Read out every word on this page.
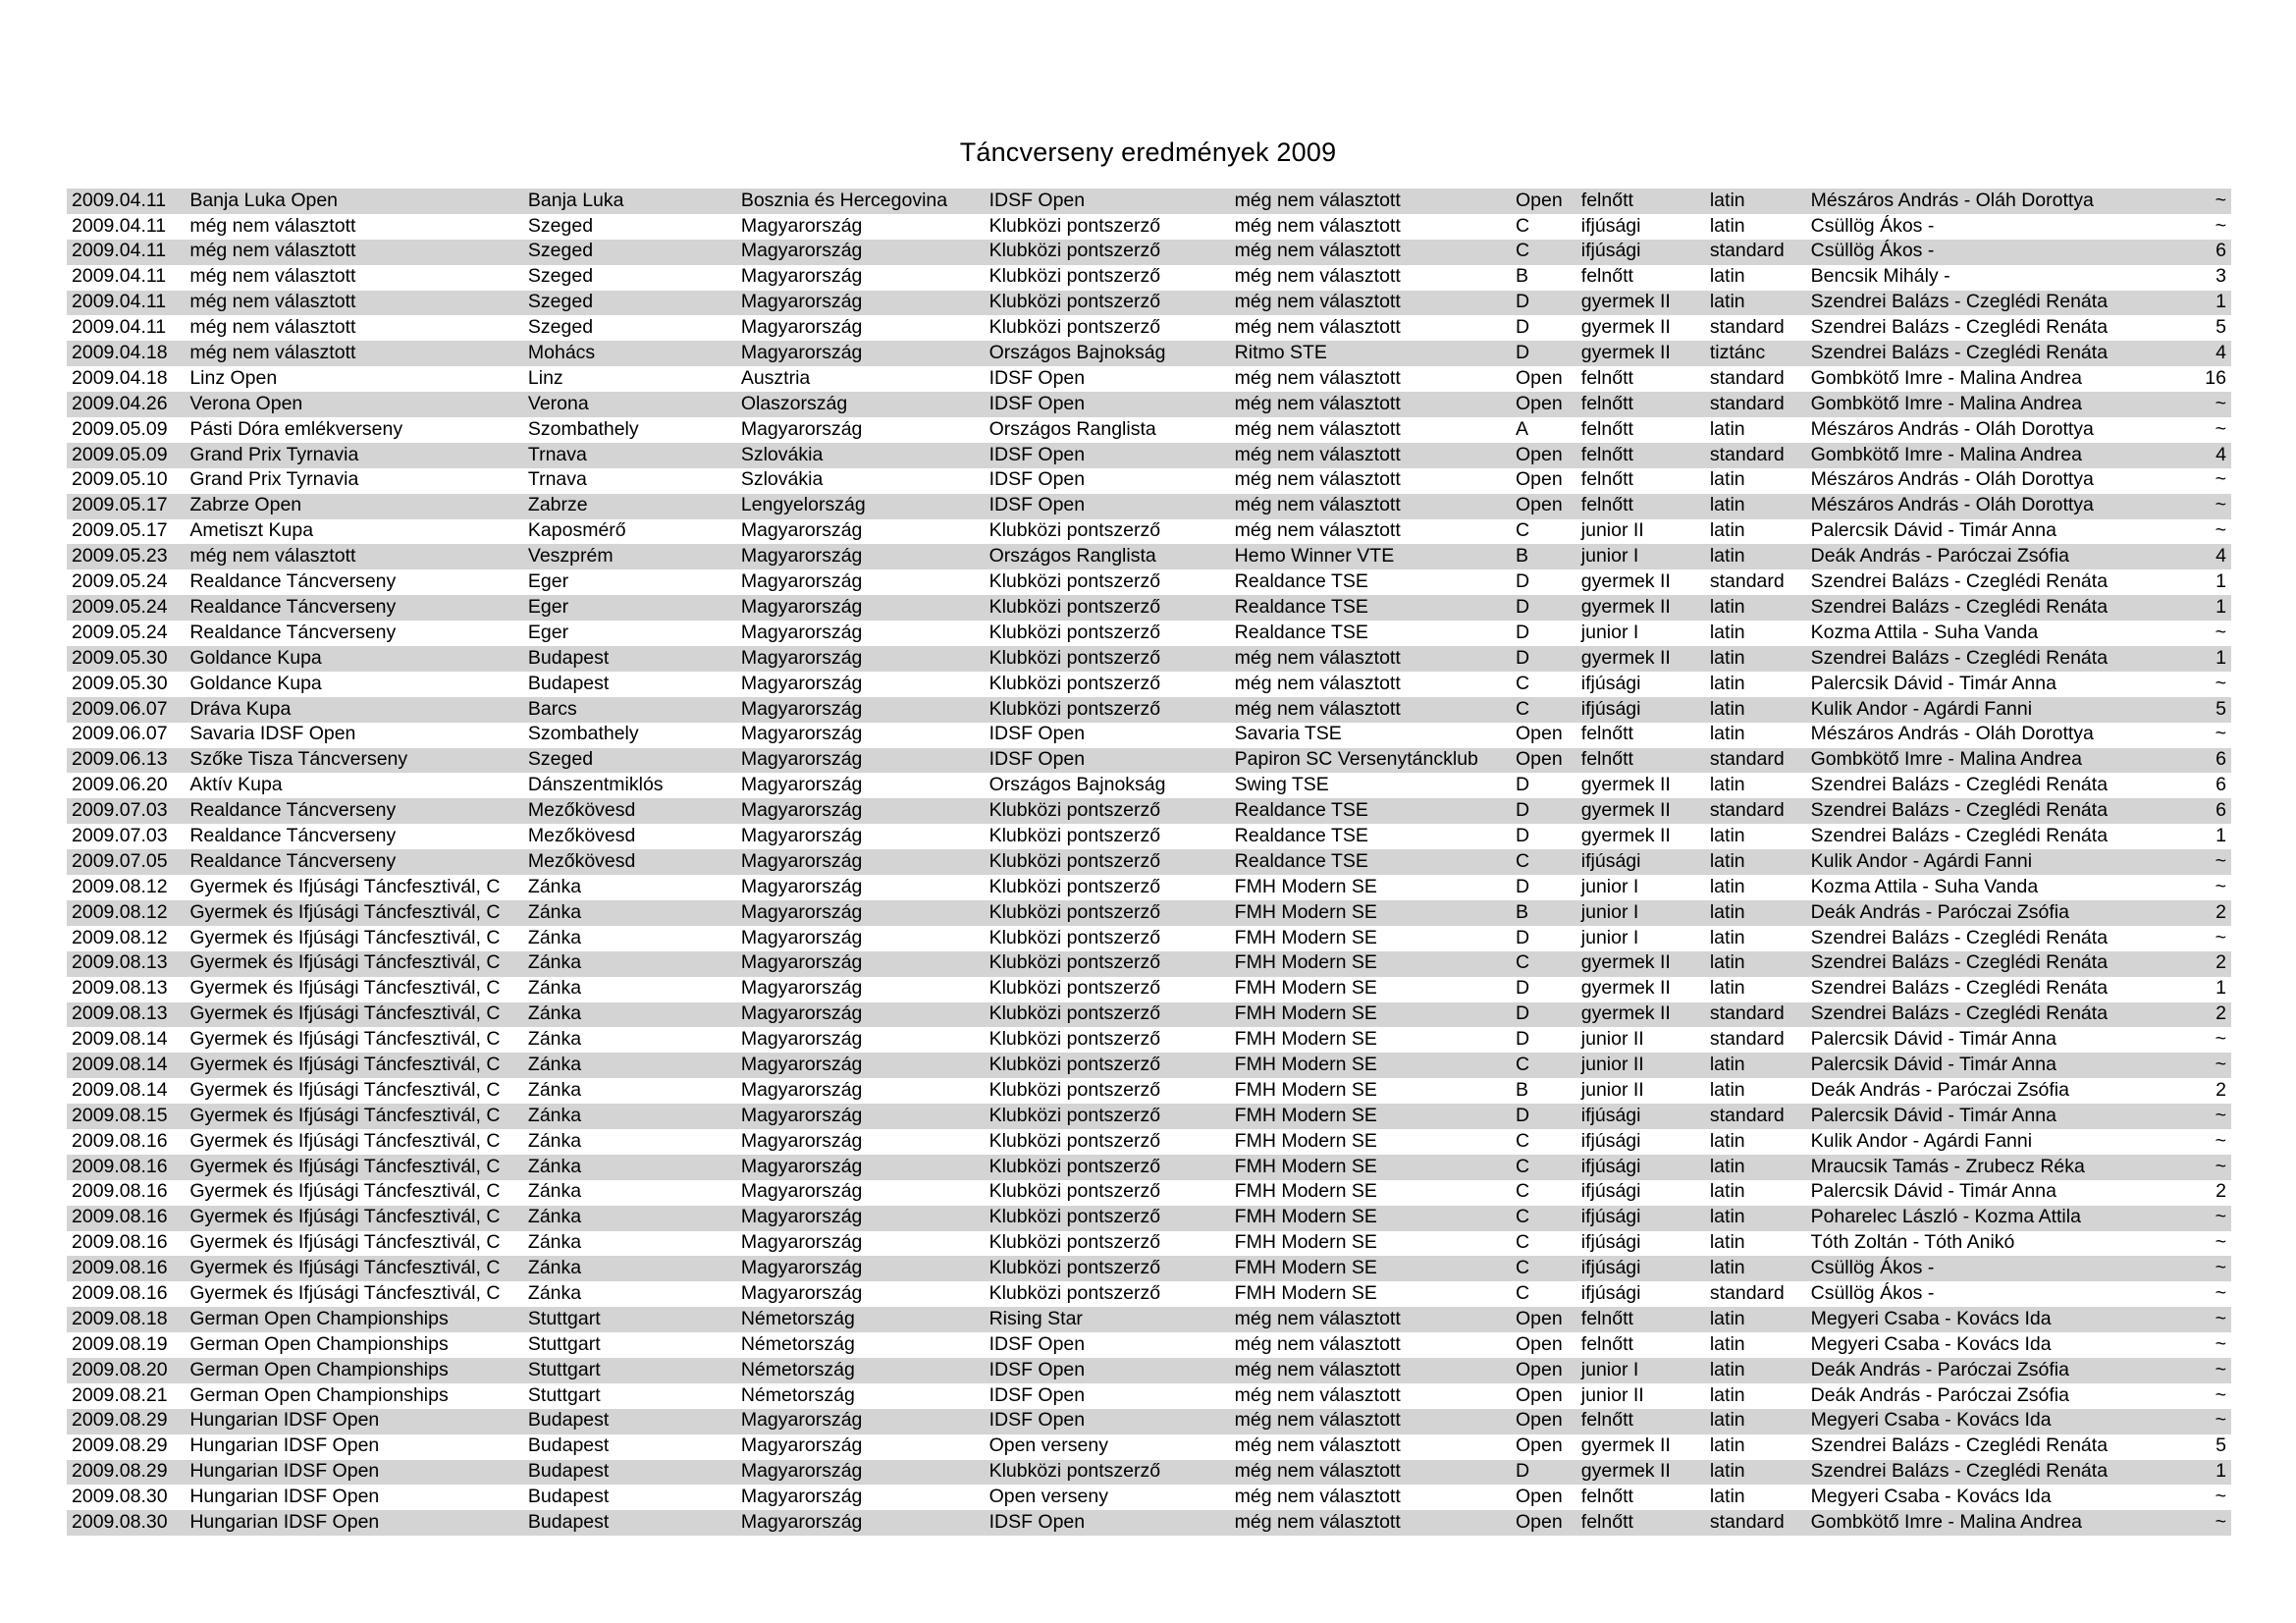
Táncverseny eredmények 2009
2009.04.11	Banja Luka Open	Banja Luka	Bosznia és Hercegovina	IDSF Open	még nem választott	Open	felnőtt	latin	Mészáros András - Oláh Dorottya	~
2009.04.11	még nem választott	Szeged	Magyarország	Klubközi pontszerző	még nem választott	C	ifjúsági	latin	Csüllög Ákos -	~
2009.04.11	még nem választott	Szeged	Magyarország	Klubközi pontszerző	még nem választott	C	ifjúsági	standard	Csüllög Ákos -	6
2009.04.11	még nem választott	Szeged	Magyarország	Klubközi pontszerző	még nem választott	B	felnőtt	latin	Bencsik Mihály -	3
2009.04.11	még nem választott	Szeged	Magyarország	Klubközi pontszerző	még nem választott	D	gyermek II	latin	Szendrei Balázs - Czeglédi Renáta	1
2009.04.11	még nem választott	Szeged	Magyarország	Klubközi pontszerző	még nem választott	D	gyermek II	standard	Szendrei Balázs - Czeglédi Renáta	5
2009.04.18	még nem választott	Mohács	Magyarország	Országos Bajnokság	Ritmo STE	D	gyermek II	tiztánc	Szendrei Balázs - Czeglédi Renáta	4
2009.04.18	Linz Open	Linz	Ausztria	IDSF Open	még nem választott	Open	felnőtt	standard	Gombkötő Imre - Malina Andrea	16
2009.04.26	Verona Open	Verona	Olaszország	IDSF Open	még nem választott	Open	felnőtt	standard	Gombkötő Imre - Malina Andrea	~
2009.05.09	Pásti Dóra emlékverseny	Szombathely	Magyarország	Országos Ranglista	még nem választott	A	felnőtt	latin	Mészáros András - Oláh Dorottya	~
2009.05.09	Grand Prix Tyrnavia	Trnava	Szlovákia	IDSF Open	még nem választott	Open	felnőtt	standard	Gombkötő Imre - Malina Andrea	4
2009.05.10	Grand Prix Tyrnavia	Trnava	Szlovákia	IDSF Open	még nem választott	Open	felnőtt	latin	Mészáros András - Oláh Dorottya	~
2009.05.17	Zabrze Open	Zabrze	Lengyelország	IDSF Open	még nem választott	Open	felnőtt	latin	Mészáros András - Oláh Dorottya	~
2009.05.17	Ametiszt Kupa	Kaposmérő	Magyarország	Klubközi pontszerző	még nem választott	C	junior II	latin	Palercsik Dávid - Timár Anna	~
2009.05.23	még nem választott	Veszprém	Magyarország	Országos Ranglista	Hemo Winner VTE	B	junior I	latin	Deák András - Paróczai Zsófia	4
2009.05.24	Realdance Táncverseny	Eger	Magyarország	Klubközi pontszerző	Realdance TSE	D	gyermek II	standard	Szendrei Balázs - Czeglédi Renáta	1
2009.05.24	Realdance Táncverseny	Eger	Magyarország	Klubközi pontszerző	Realdance TSE	D	gyermek II	latin	Szendrei Balázs - Czeglédi Renáta	1
2009.05.24	Realdance Táncverseny	Eger	Magyarország	Klubközi pontszerző	Realdance TSE	D	junior I	latin	Kozma Attila - Suha Vanda	~
2009.05.30	Goldance Kupa	Budapest	Magyarország	Klubközi pontszerző	még nem választott	D	gyermek II	latin	Szendrei Balázs - Czeglédi Renáta	1
2009.05.30	Goldance Kupa	Budapest	Magyarország	Klubközi pontszerző	még nem választott	C	ifjúsági	latin	Palercsik Dávid - Timár Anna	~
2009.06.07	Dráva Kupa	Barcs	Magyarország	Klubközi pontszerző	még nem választott	C	ifjúsági	latin	Kulik Andor - Agárdi Fanni	5
2009.06.07	Savaria IDSF Open	Szombathely	Magyarország	IDSF Open	Savaria TSE	Open	felnőtt	latin	Mészáros András - Oláh Dorottya	~
2009.06.13	Szőke Tisza Táncverseny	Szeged	Magyarország	IDSF Open	Papiron SC Versenytáncklub	Open	felnőtt	standard	Gombkötő Imre - Malina Andrea	6
2009.06.20	Aktív Kupa	Dánszentmiklós	Magyarország	Országos Bajnokság	Swing TSE	D	gyermek II	latin	Szendrei Balázs - Czeglédi Renáta	6
2009.07.03	Realdance Táncverseny	Mezőkövesd	Magyarország	Klubközi pontszerző	Realdance TSE	D	gyermek II	standard	Szendrei Balázs - Czeglédi Renáta	6
2009.07.03	Realdance Táncverseny	Mezőkövesd	Magyarország	Klubközi pontszerző	Realdance TSE	D	gyermek II	latin	Szendrei Balázs - Czeglédi Renáta	1
2009.07.05	Realdance Táncverseny	Mezőkövesd	Magyarország	Klubközi pontszerző	Realdance TSE	C	ifjúsági	latin	Kulik Andor - Agárdi Fanni	~
2009.08.12	Gyermek és Ifjúsági Táncfesztivál, C	Zánka	Magyarország	Klubközi pontszerző	FMH Modern SE	D	junior I	latin	Kozma Attila - Suha Vanda	~
2009.08.12	Gyermek és Ifjúsági Táncfesztivál, C	Zánka	Magyarország	Klubközi pontszerző	FMH Modern SE	B	junior I	latin	Deák András - Paróczai Zsófia	2
2009.08.12	Gyermek és Ifjúsági Táncfesztivál, C	Zánka	Magyarország	Klubközi pontszerző	FMH Modern SE	D	junior I	latin	Szendrei Balázs - Czeglédi Renáta	~
2009.08.13	Gyermek és Ifjúsági Táncfesztivál, C	Zánka	Magyarország	Klubközi pontszerző	FMH Modern SE	C	gyermek II	latin	Szendrei Balázs - Czeglédi Renáta	2
2009.08.13	Gyermek és Ifjúsági Táncfesztivál, C	Zánka	Magyarország	Klubközi pontszerző	FMH Modern SE	D	gyermek II	latin	Szendrei Balázs - Czeglédi Renáta	1
2009.08.13	Gyermek és Ifjúsági Táncfesztivál, C	Zánka	Magyarország	Klubközi pontszerző	FMH Modern SE	D	gyermek II	standard	Szendrei Balázs - Czeglédi Renáta	2
2009.08.14	Gyermek és Ifjúsági Táncfesztivál, C	Zánka	Magyarország	Klubközi pontszerző	FMH Modern SE	D	junior II	standard	Palercsik Dávid - Timár Anna	~
2009.08.14	Gyermek és Ifjúsági Táncfesztivál, C	Zánka	Magyarország	Klubközi pontszerző	FMH Modern SE	C	junior II	latin	Palercsik Dávid - Timár Anna	~
2009.08.14	Gyermek és Ifjúsági Táncfesztivál, C	Zánka	Magyarország	Klubközi pontszerző	FMH Modern SE	B	junior II	latin	Deák András - Paróczai Zsófia	2
2009.08.15	Gyermek és Ifjúsági Táncfesztivál, C	Zánka	Magyarország	Klubközi pontszerző	FMH Modern SE	D	ifjúsági	standard	Palercsik Dávid - Timár Anna	~
2009.08.16	Gyermek és Ifjúsági Táncfesztivál, C	Zánka	Magyarország	Klubközi pontszerző	FMH Modern SE	C	ifjúsági	latin	Kulik Andor - Agárdi Fanni	~
2009.08.16	Gyermek és Ifjúsági Táncfesztivál, C	Zánka	Magyarország	Klubközi pontszerző	FMH Modern SE	C	ifjúsági	latin	Mraucsik Tamás - Zrubecz Réka	~
2009.08.16	Gyermek és Ifjúsági Táncfesztivál, C	Zánka	Magyarország	Klubközi pontszerző	FMH Modern SE	C	ifjúsági	latin	Palercsik Dávid - Timár Anna	2
2009.08.16	Gyermek és Ifjúsági Táncfesztivál, C	Zánka	Magyarország	Klubközi pontszerző	FMH Modern SE	C	ifjúsági	latin	Poharelec László - Kozma Attila	~
2009.08.16	Gyermek és Ifjúsági Táncfesztivál, C	Zánka	Magyarország	Klubközi pontszerző	FMH Modern SE	C	ifjúsági	latin	Tóth Zoltán - Tóth Anikó	~
2009.08.16	Gyermek és Ifjúsági Táncfesztivál, C	Zánka	Magyarország	Klubközi pontszerző	FMH Modern SE	C	ifjúsági	latin	Csüllög Ákos -	~
2009.08.16	Gyermek és Ifjúsági Táncfesztivál, C	Zánka	Magyarország	Klubközi pontszerző	FMH Modern SE	C	ifjúsági	standard	Csüllög Ákos -	~
2009.08.18	German Open Championships	Stuttgart	Németország	Rising Star	még nem választott	Open	felnőtt	latin	Megyeri Csaba - Kovács Ida	~
2009.08.19	German Open Championships	Stuttgart	Németország	IDSF Open	még nem választott	Open	felnőtt	latin	Megyeri Csaba - Kovács Ida	~
2009.08.20	German Open Championships	Stuttgart	Németország	IDSF Open	még nem választott	Open	junior I	latin	Deák András - Paróczai Zsófia	~
2009.08.21	German Open Championships	Stuttgart	Németország	IDSF Open	még nem választott	Open	junior II	latin	Deák András - Paróczai Zsófia	~
2009.08.29	Hungarian IDSF Open	Budapest	Magyarország	IDSF Open	még nem választott	Open	felnőtt	latin	Megyeri Csaba - Kovács Ida	~
2009.08.29	Hungarian IDSF Open	Budapest	Magyarország	Open verseny	még nem választott	Open	gyermek II	latin	Szendrei Balázs - Czeglédi Renáta	5
2009.08.29	Hungarian IDSF Open	Budapest	Magyarország	Klubközi pontszerző	még nem választott	D	gyermek II	latin	Szendrei Balázs - Czeglédi Renáta	1
2009.08.30	Hungarian IDSF Open	Budapest	Magyarország	Open verseny	még nem választott	Open	felnőtt	latin	Megyeri Csaba - Kovács Ida	~
2009.08.30	Hungarian IDSF Open	Budapest	Magyarország	IDSF Open	még nem választott	Open	felnőtt	standard	Gombkötő Imre - Malina Andrea	~
